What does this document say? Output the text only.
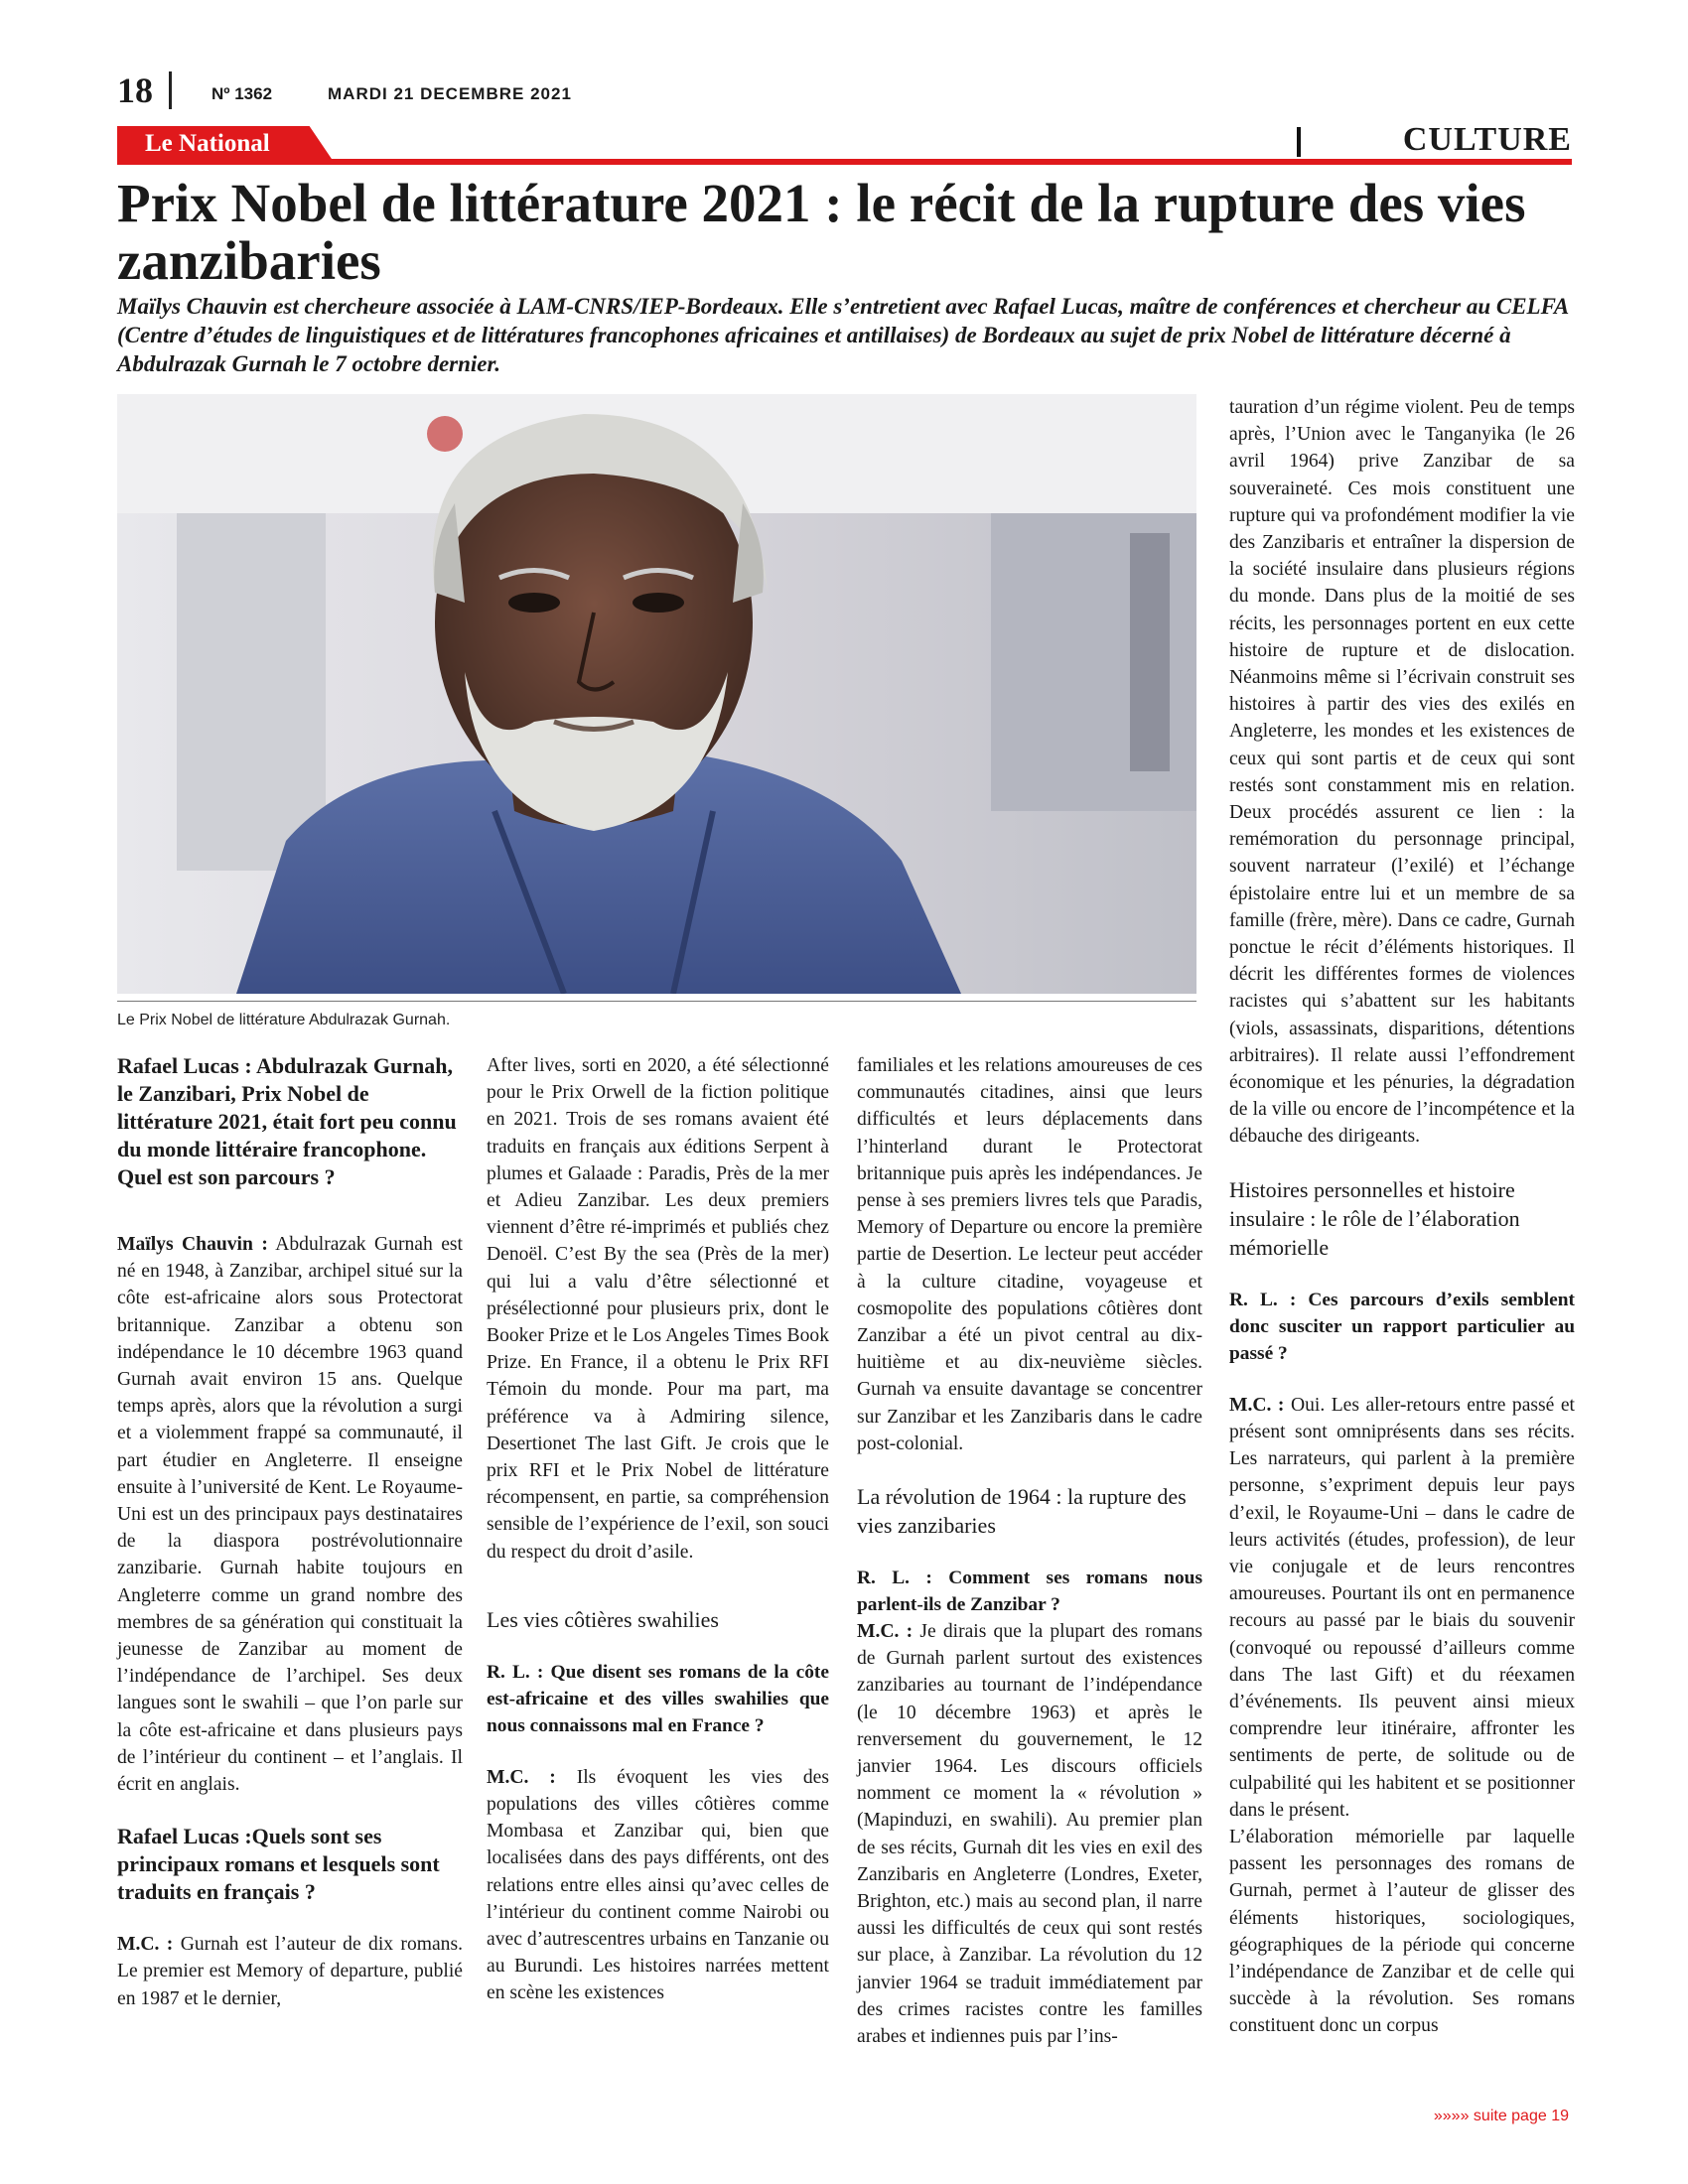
18	Nº 1362	MARDI 21 DECEMBRE 2021
Le National	CULTURE
Prix Nobel de littérature 2021 : le récit de la rupture des vies zanzibaries

Maïlys Chauvin est chercheure associée à LAM-CNRS/IEP-Bordeaux. Elle s’entretient avec Rafael Lucas, maître de conférences et chercheur au CELFA (Centre d’études de linguistiques et de littératures francophones africaines et antillaises) de Bordeaux au sujet de prix Nobel de littérature décerné à Abdulrazak Gurnah le 7 octobre dernier.

Le Prix Nobel de littérature Abdulrazak Gurnah.

Rafael Lucas : Abdulrazak Gurnah, le Zanzibari, Prix Nobel de littérature 2021, était fort peu connu du monde littéraire francophone. Quel est son parcours ?

Maïlys Chauvin : Abdulrazak Gurnah est né en 1948, à Zanzibar, archipel situé sur la côte est-africaine alors sous Protectorat britannique. Zanzibar a obtenu son indépendance le 10 décembre 1963 quand Gurnah avait environ 15 ans. Quelque temps après, alors que la révolution a surgi et a violemment frappé sa communauté, il part étudier en Angleterre. Il enseigne ensuite à l’université de Kent. Le Royaume-Uni est un des principaux pays destinataires de la diaspora postrévolutionnaire zanzibarie. Gurnah habite toujours en Angleterre comme un grand nombre des membres de sa génération qui constituait la jeunesse de Zanzibar au moment de l’indépendance de l’archipel. Ses deux langues sont le swahili – que l’on parle sur la côte est-africaine et dans plusieurs pays de l’intérieur du continent – et l’anglais. Il écrit en anglais.

Rafael Lucas :Quels sont ses principaux romans et lesquels sont traduits en français ?

M.C. : Gurnah est l’auteur de dix romans. Le premier est Memory of departure, publié en 1987 et le dernier,

After lives, sorti en 2020, a été sélectionné pour le Prix Orwell de la fiction politique en 2021. Trois de ses romans avaient été traduits en français aux éditions Serpent à plumes et Galaade : Paradis, Près de la mer et Adieu Zanzibar. Les deux premiers viennent d’être ré-imprimés et publiés chez Denoël. C’est By the sea (Près de la mer) qui lui a valu d’être sélectionné et présélectionné pour plusieurs prix, dont le Booker Prize et le Los Angeles Times Book Prize. En France, il a obtenu le Prix RFI Témoin du monde. Pour ma part, ma préférence va à Admiring silence, Desertionet The last Gift. Je crois que le prix RFI et le Prix Nobel de littérature récompensent, en partie, sa compréhension sensible de l’expérience de l’exil, son souci du respect du droit d’asile.

Les vies côtières swahilies

R. L. : Que disent ses romans de la côte est-africaine et des villes swahilies que nous connaissons mal en France ?

M.C. : Ils évoquent les vies des populations des villes côtières comme Mombasa et Zanzibar qui, bien que localisées dans des pays différents, ont des relations entre elles ainsi qu’avec celles de l’intérieur du continent comme Nairobi ou avec d’autrescentres urbains en Tanzanie ou au Burundi. Les histoires narrées mettent en scène les existences

familiales et les relations amoureuses de ces communautés citadines, ainsi que leurs difficultés et leurs déplacements dans l’hinterland durant le Protectorat britannique puis après les indépendances. Je pense à ses premiers livres tels que Paradis, Memory of Departure ou encore la première partie de Desertion. Le lecteur peut accéder à la culture citadine, voyageuse et cosmopolite des populations côtières dont Zanzibar a été un pivot central au dix-huitième et au dix-neuvième siècles. Gurnah va ensuite davantage se concentrer sur Zanzibar et les Zanzibaris dans le cadre post-colonial.

La révolution de 1964 : la rupture des vies zanzibaries

R. L. : Comment ses romans nous parlent-ils de Zanzibar ?

M.C. : Je dirais que la plupart des romans de Gurnah parlent surtout des existences zanzibaries au tournant de l’indépendance (le 10 décembre 1963) et après le renversement du gouvernement, le 12 janvier 1964. Les discours officiels nomment ce moment la « révolution » (Mapinduzi, en swahili). Au premier plan de ses récits, Gurnah dit les vies en exil des Zanzibaris en Angleterre (Londres, Exeter, Brighton, etc.) mais au second plan, il narre aussi les difficultés de ceux qui sont restés sur place, à Zanzibar. La révolution du 12 janvier 1964 se traduit immédiatement par des crimes racistes contre les familles arabes et indiennes puis par l’ins-

tauration d’un régime violent. Peu de temps après, l’Union avec le Tanganyika (le 26 avril 1964) prive Zanzibar de sa souveraineté. Ces mois constituent une rupture qui va profondément modifier la vie des Zanzibaris et entraîner la dispersion de la société insulaire dans plusieurs régions du monde. Dans plus de la moitié de ses récits, les personnages portent en eux cette histoire de rupture et de dislocation. Néanmoins même si l’écrivain construit ses histoires à partir des vies des exilés en Angleterre, les mondes et les existences de ceux qui sont partis et de ceux qui sont restés sont constamment mis en relation. Deux procédés assurent ce lien : la remémoration du personnage principal, souvent narrateur (l’exilé) et l’échange épistolaire entre lui et un membre de sa famille (frère, mère). Dans ce cadre, Gurnah ponctue le récit d’éléments historiques. Il décrit les différentes formes de violences racistes qui s’abattent sur les habitants (viols, assassinats, disparitions, détentions arbitraires). Il relate aussi l’effondrement économique et les pénuries, la dégradation de la ville ou encore de l’incompétence et la débauche des dirigeants.

Histoires personnelles et histoire insulaire : le rôle de l’élaboration mémorielle

R. L. : Ces parcours d’exils semblent donc susciter un rapport particulier au passé ?

M.C. : Oui. Les aller-retours entre passé et présent sont omniprésents dans ses récits. Les narrateurs, qui parlent à la première personne, s’expriment depuis leur pays d’exil, le Royaume-Uni – dans le cadre de leurs activités (études, profession), de leur vie conjugale et de leurs rencontres amoureuses. Pourtant ils ont en permanence recours au passé par le biais du souvenir (convoqué ou repoussé d’ailleurs comme dans The last Gift) et du réexamen d’événements. Ils peuvent ainsi mieux comprendre leur itinéraire, affronter les sentiments de perte, de solitude ou de culpabilité qui les habitent et se positionner dans le présent.

L’élaboration mémorielle par laquelle passent les personnages des romans de Gurnah, permet à l’auteur de glisser des éléments historiques, sociologiques, géographiques de la période qui concerne l’indépendance de Zanzibar et de celle qui succède à la révolution. Ses romans constituent donc un corpus

»»»» suite page 19
